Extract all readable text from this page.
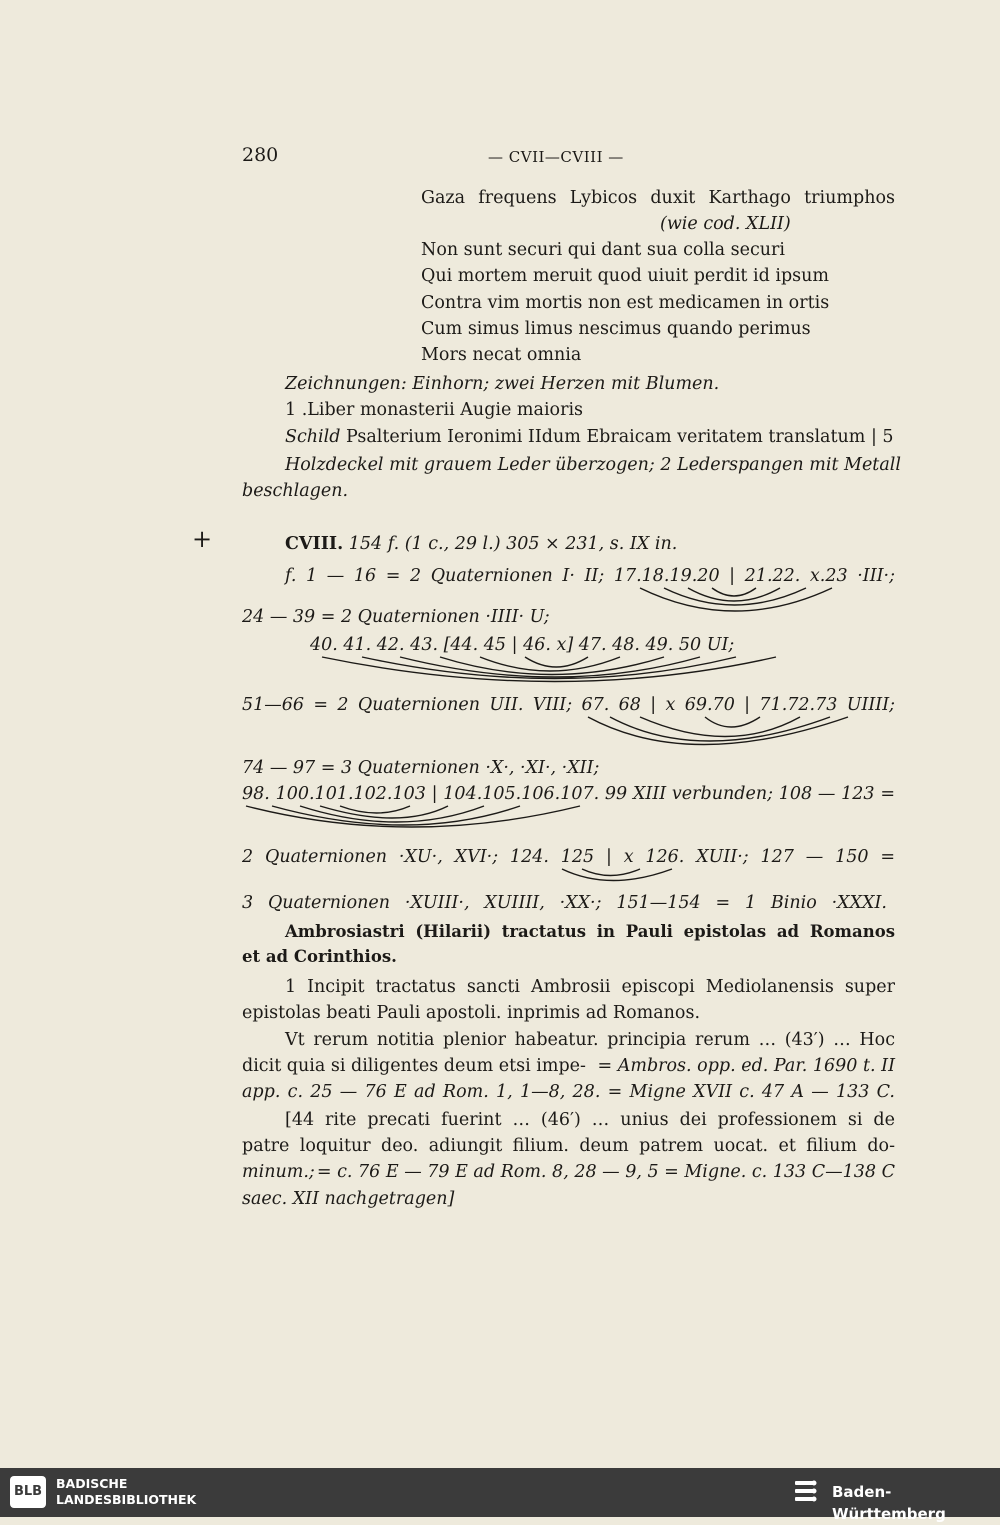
280	— CVII—CVIII —
Gaza frequens Lybicos duxit Karthago triumphos
(wie cod. XLII)
Non sunt securi qui dant sua colla securi
Qui mortem meruit quod uiuit perdit id ipsum
Contra vim mortis non est medicamen in ortis
Cum simus limus nescimus quando perimus
Mors necat omnia
Zeichnungen: Einhorn; zwei Herzen mit Blumen.
1 .Liber monasterii Augie maioris
Schild Psalterium Ieronimi IIdum Ebraicam veritatem translatum | 5
Holzdeckel mit grauem Leder überzogen; 2 Lederspangen mit Metall
beschlagen.
+	CVIII. 154 f. (1 c., 29 l.) 305 ⨯ 231, s. IX in.
f. 1 — 16 = 2 Quaternionen I· II; 17.18.19.20 | 21.22. x.23 ·III·;
24 — 39 = 2 Quaternionen ·IIII· U;
40. 41. 42. 43. [44. 45 | 46. x] 47. 48. 49. 50 UI;
51—66 = 2 Quaternionen UII. VIII; 67. 68 | x 69.70 | 71.72.73 UIIII;
74 — 97 = 3 Quaternionen ·X·, ·XI·, ·XII;
98. 100.101.102.103 | 104.105.106.107. 99 XIII verbunden; 108 — 123 =
2 Quaternionen ·XU·, XVI·; 124. 125 | x 126. XUII·; 127 — 150 =
3 Quaternionen ·XUIII·, XUIIII, ·XX·; 151—154 = 1 Binio ·XXXI.
Ambrosiastri (Hilarii) tractatus in Pauli epistolas ad Romanos
et ad Corinthios.
1 Incipit tractatus sancti Ambrosii episcopi Mediolanensis super
epistolas beati Pauli apostoli. inprimis ad Romanos.
Vt rerum notitia plenior habeatur. principia rerum … (43′) … Hoc
dicit quia si diligentes deum etsi impe- = Ambros. opp. ed. Par. 1690 t. II
app. c. 25 — 76 E ad Rom. 1, 1—8, 28. = Migne XVII c. 47 A — 133 C.
[44 rite precati fuerint … (46′) … unius dei professionem si de
patre loquitur deo. adiungit filium. deum patrem uocat. et filium do-
minum.; = c. 76 E — 79 E ad Rom. 8, 28 — 9, 5 = Migne. c. 133 C—138 C
saec. XII nachgetragen]
BLB
BADISCHE
LANDESBIBLIOTHEK	Baden-Württemberg
